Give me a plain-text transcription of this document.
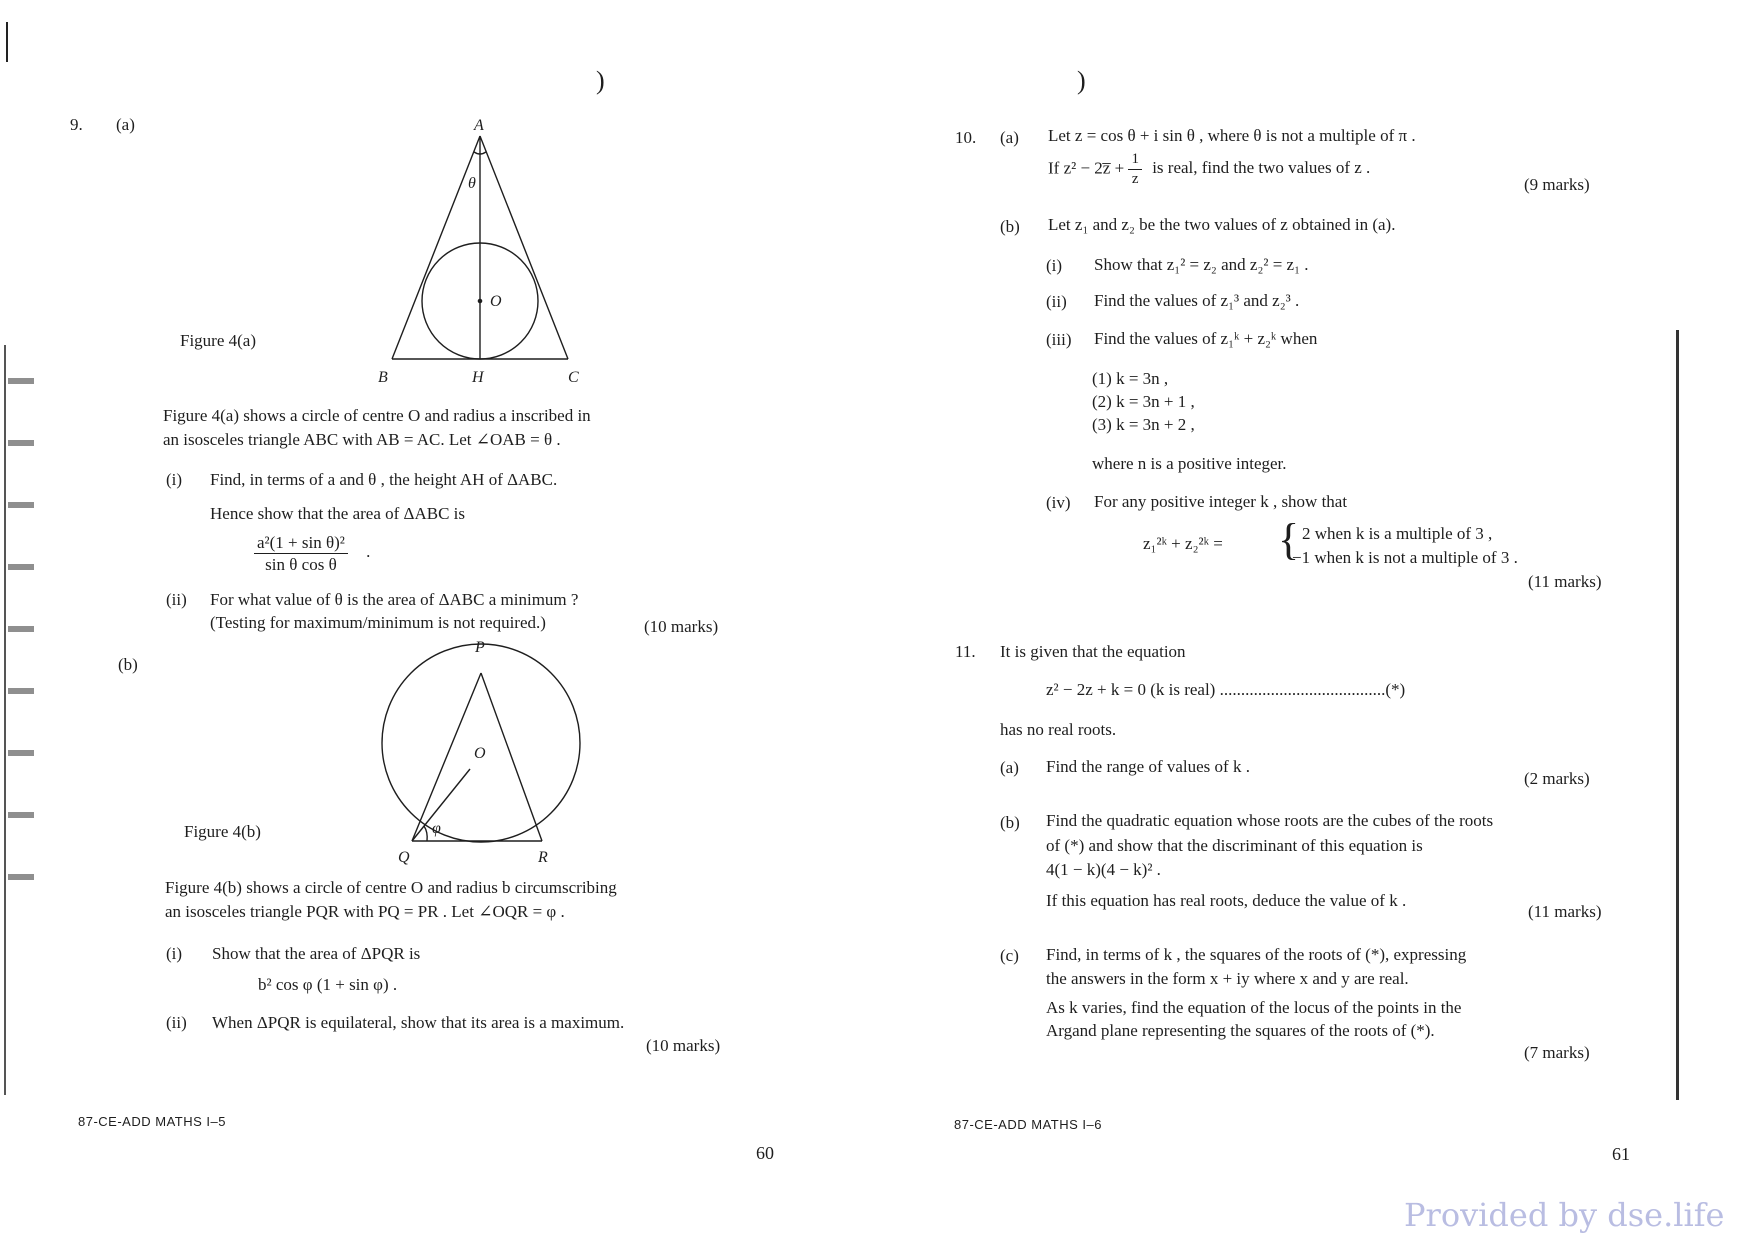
)	)
9. (a)	A
θ
O
B	H	C
Figure 4(a)
Figure 4(a) shows a circle of centre O and radius a inscribed in
an isosceles triangle ABC with AB = AC. Let ∠OAB = θ .
(i) Find, in terms of a and θ , the height AH of ΔABC.
Hence show that the area of ΔABC is
$\frac{\text{a²(1 + sin θ)²}}{\text{sin θ cos θ}}$ .
(ii) For what value of θ is the area of ΔABC a minimum ?
(Testing for maximum/minimum is not required.)	(10 marks)
(b)
P
O
φ
Q	R
Figure 4(b)
Figure 4(b) shows a circle of centre O and radius b circumscribing
an isosceles triangle PQR with PQ = PR . Let ∠OQR = φ .
(i) Show that the area of ΔPQR is
b² cos φ (1 + sin φ) .
(ii) When ΔPQR is equilateral, show that its area is a maximum.
(10 marks)
87-CE-ADD MATHS I–5
60
10. (a) Let z = cos θ + i sin θ , where θ is not a multiple of π .
If z² − 2z̅ + $\frac{1}{z}$ is real, find the two values of z .
(9 marks)
(b) Let z₁ and z₂ be the two values of z obtained in (a).
(i) Show that z₁² = z₂ and z₂² = z₁ .
(ii) Find the values of z₁³ and z₂³ .
(iii) Find the values of z₁ᵏ + z₂ᵏ when
(1) k = 3n ,
(2) k = 3n + 1 ,
(3) k = 3n + 2 ,
where n is a positive integer.
(iv) For any positive integer k , show that
z₁²ᵏ + z₂²ᵏ = { 2 when k is a multiple of 3 ,
−1 when k is not a multiple of 3 .
(11 marks)
11. It is given that the equation
z² − 2z + k = 0 (k is real) .......................................(*)
has no real roots.
(a) Find the range of values of k .
(2 marks)
(b) Find the quadratic equation whose roots are the cubes of the roots
of (*) and show that the discriminant of this equation is
4(1 − k)(4 − k)² .
If this equation has real roots, deduce the value of k .
(11 marks)
(c) Find, in terms of k , the squares of the roots of (*), expressing
the answers in the form x + iy where x and y are real.
As k varies, find the equation of the locus of the points in the
Argand plane representing the squares of the roots of (*).
(7 marks)
87-CE-ADD MATHS I–6
61
Provided by dse.life
